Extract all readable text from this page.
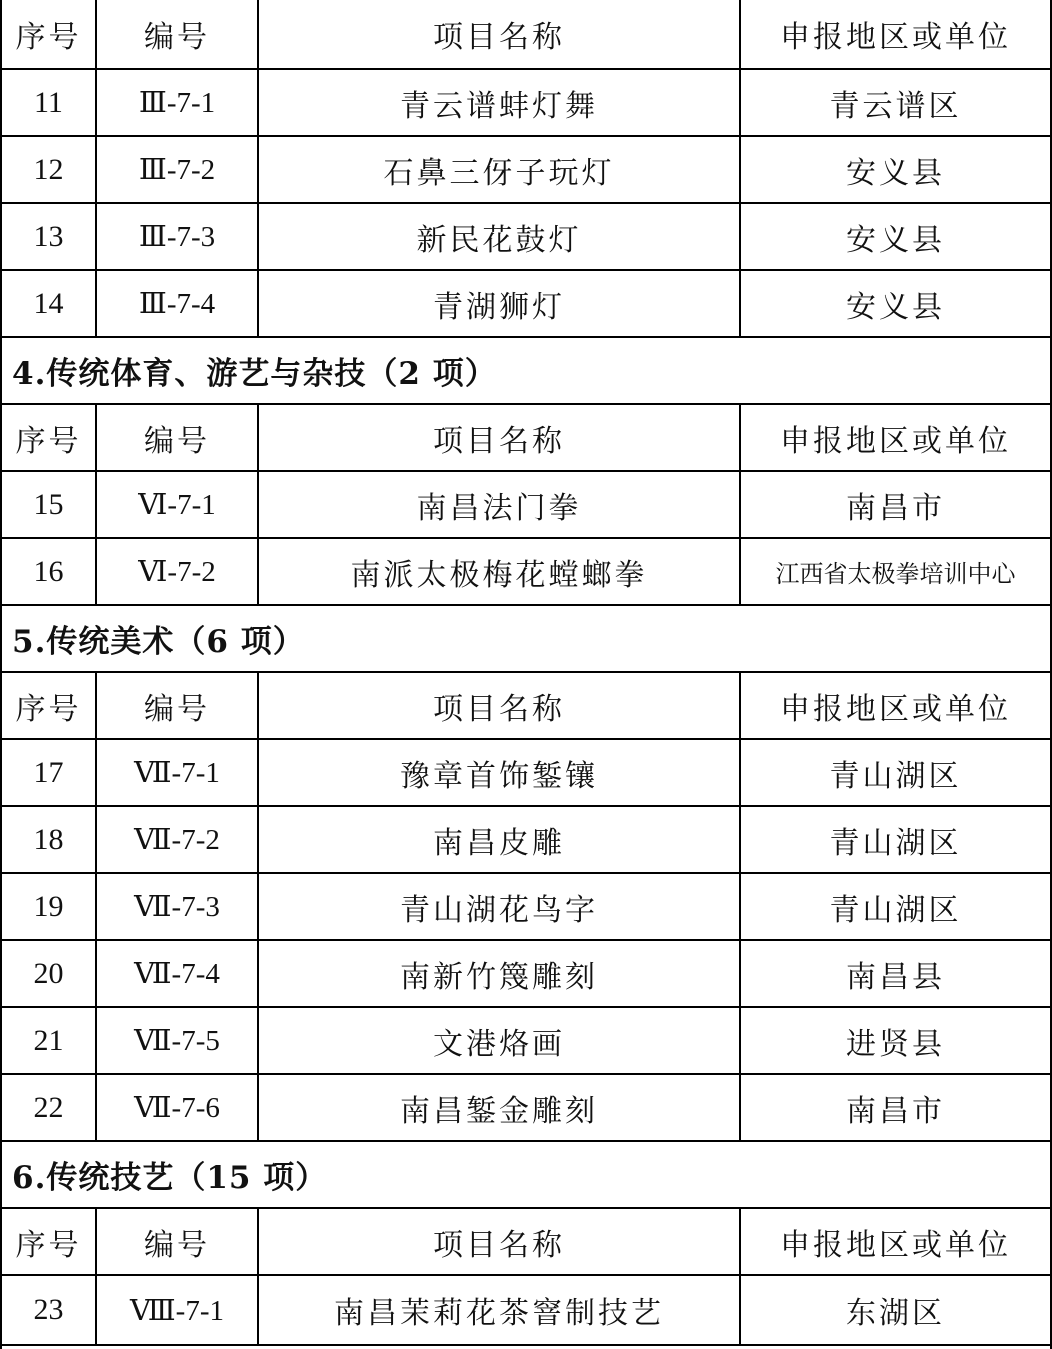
序号	编号	项目名称	申报地区或单位
11	Ⅲ-7-1	青云谱蚌灯舞	青云谱区
12	Ⅲ-7-2	石鼻三伢子玩灯	安义县
13	Ⅲ-7-3	新民花鼓灯	安义县
14	Ⅲ-7-4	青湖狮灯	安义县
4.传统体育、游艺与杂技（2 项）
序号	编号	项目名称	申报地区或单位
15	Ⅵ-7-1	南昌法门拳	南昌市
16	Ⅵ-7-2	南派太极梅花螳螂拳	江西省太极拳培训中心
5.传统美术（6 项）
序号	编号	项目名称	申报地区或单位
17	Ⅶ-7-1	豫章首饰錾镶	青山湖区
18	Ⅶ-7-2	南昌皮雕	青山湖区
19	Ⅶ-7-3	青山湖花鸟字	青山湖区
20	Ⅶ-7-4	南新竹篾雕刻	南昌县
21	Ⅶ-7-5	文港烙画	进贤县
22	Ⅶ-7-6	南昌錾金雕刻	南昌市
6.传统技艺（15 项）
序号	编号	项目名称	申报地区或单位
23	Ⅷ-7-1	南昌茉莉花茶窨制技艺	东湖区
